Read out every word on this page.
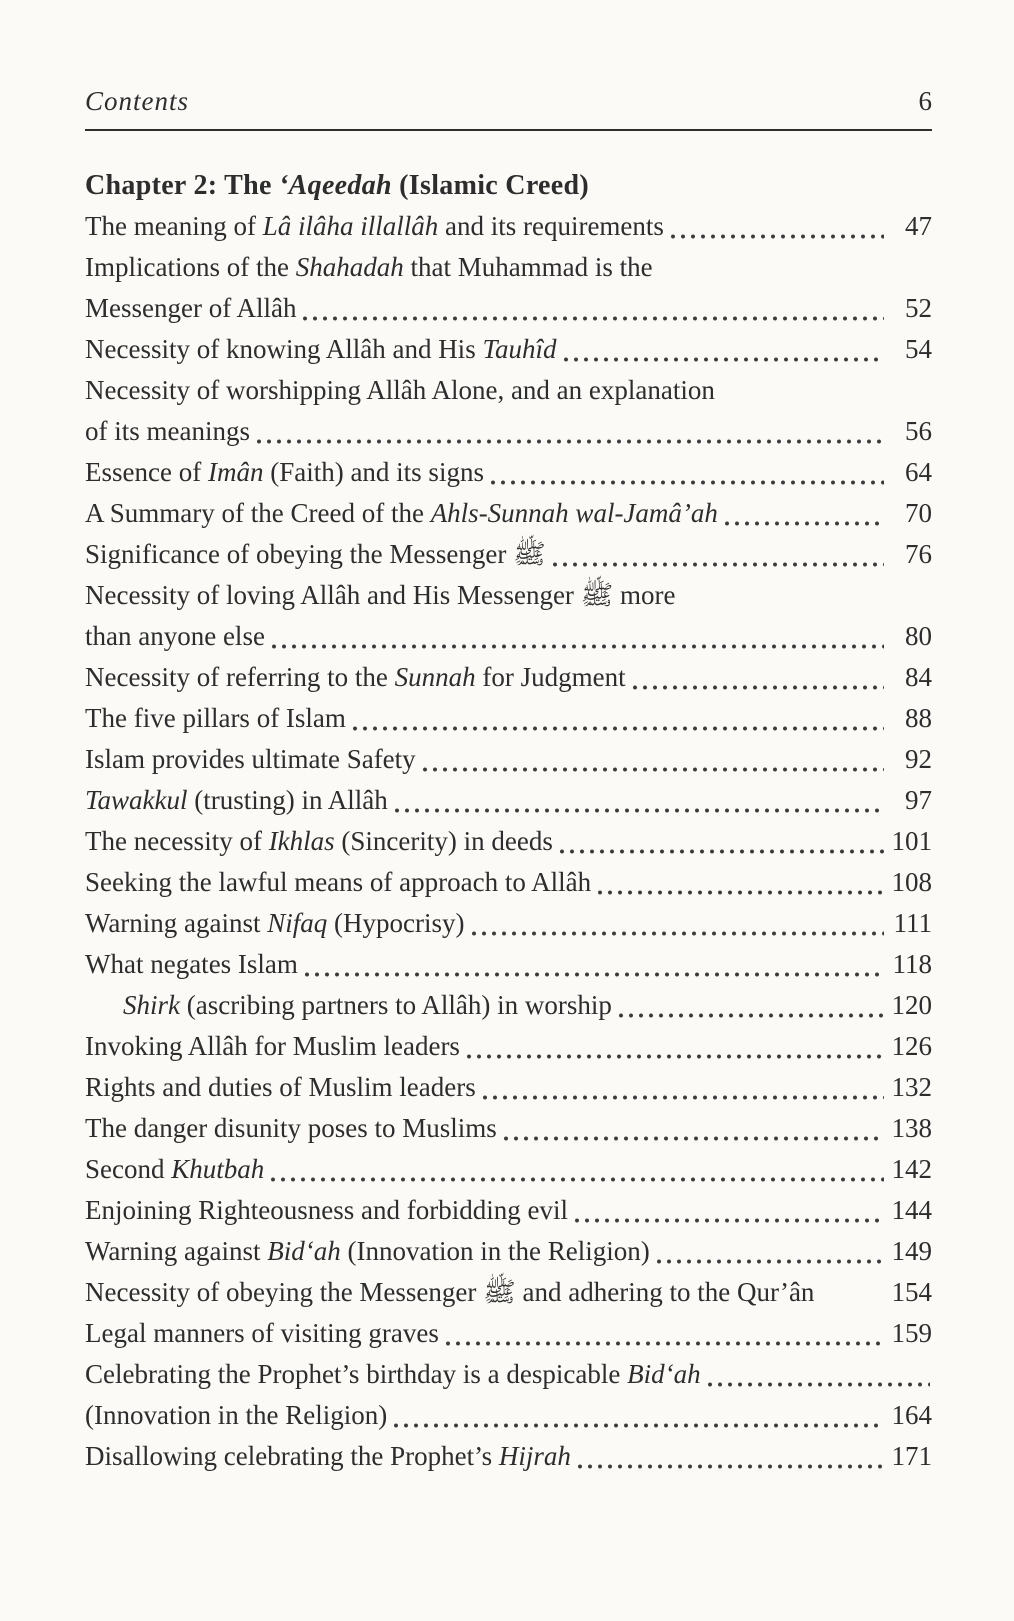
Contents	6
Chapter 2: The ‘Aqeedah (Islamic Creed)
The meaning of Lâ ilâha illallâh and its requirements	47
Implications of the Shahadah that Muhammad is the
Messenger of Allâh	52
Necessity of knowing Allâh and His Tauhîd	54
Necessity of worshipping Allâh Alone, and an explanation
of its meanings	56
Essence of Imân (Faith) and its signs	64
A Summary of the Creed of the Ahls-Sunnah wal-Jamâ’ah	70
Significance of obeying the Messenger ﷺ	76
Necessity of loving Allâh and His Messenger ﷺ more
than anyone else	80
Necessity of referring to the Sunnah for Judgment	84
The five pillars of Islam	88
Islam provides ultimate Safety	92
Tawakkul (trusting) in Allâh	97
The necessity of Ikhlas (Sincerity) in deeds	101
Seeking the lawful means of approach to Allâh	108
Warning against Nifaq (Hypocrisy)	111
What negates Islam	118
Shirk (ascribing partners to Allâh) in worship	120
Invoking Allâh for Muslim leaders	126
Rights and duties of Muslim leaders	132
The danger disunity poses to Muslims	138
Second Khutbah	142
Enjoining Righteousness and forbidding evil	144
Warning against Bid‘ah (Innovation in the Religion)	149
Necessity of obeying the Messenger ﷺ and adhering to the Qur’ân	154
Legal manners of visiting graves	159
Celebrating the Prophet’s birthday is a despicable Bid‘ah
(Innovation in the Religion)	164
Disallowing celebrating the Prophet’s Hijrah	171
